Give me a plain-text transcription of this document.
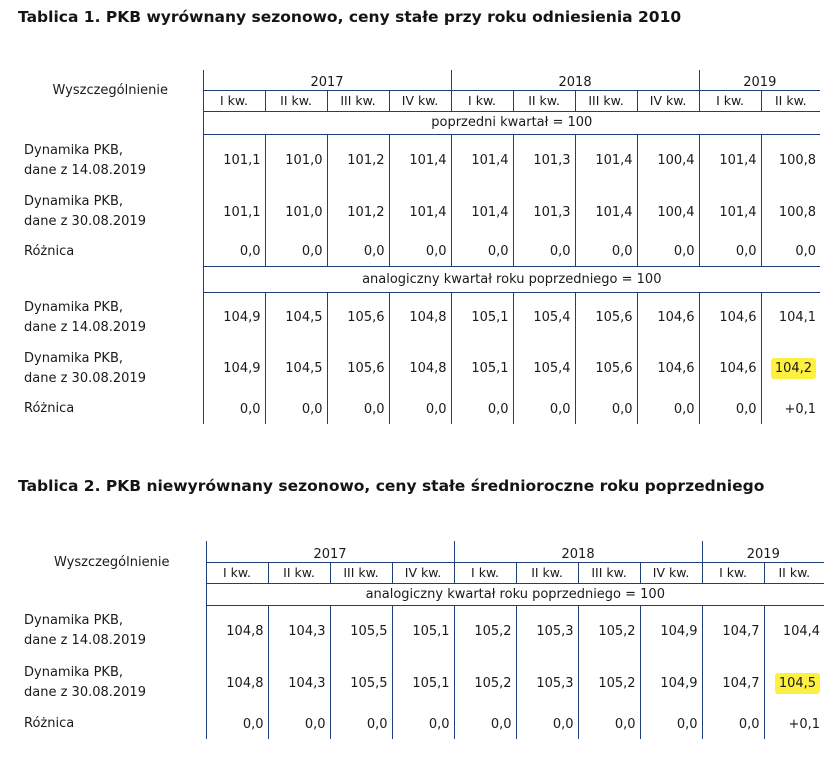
Tablica 1. PKB wyrównany sezonowo, ceny stałe przy roku odniesienia 2010
Wyszczególnienie	2017				2018				2019	
	I kw.	II kw.	III kw.	IV kw.	I kw.	II kw.	III kw.	IV kw.	I kw.	II kw.
	poprzedni kwartał = 100									
Dynamika PKB,
dane z 14.08.2019	101,1	101,0	101,2	101,4	101,4	101,3	101,4	100,4	101,4	100,8
Dynamika PKB,
dane z 30.08.2019	101,1	101,0	101,2	101,4	101,4	101,3	101,4	100,4	101,4	100,8
Różnica	0,0	0,0	0,0	0,0	0,0	0,0	0,0	0,0	0,0	0,0
	analogiczny kwartał roku poprzedniego = 100									
Dynamika PKB,
dane z 14.08.2019	104,9	104,5	105,6	104,8	105,1	105,4	105,6	104,6	104,6	104,1
Dynamika PKB,
dane z 30.08.2019	104,9	104,5	105,6	104,8	105,1	105,4	105,6	104,6	104,6	104,2
Różnica	0,0	0,0	0,0	0,0	0,0	0,0	0,0	0,0	0,0	+0,1
Tablica 2. PKB niewyrównany sezonowo, ceny stałe średnioroczne roku poprzedniego
Wyszczególnienie	2017				2018				2019	
	I kw.	II kw.	III kw.	IV kw.	I kw.	II kw.	III kw.	IV kw.	I kw.	II kw.
	analogiczny kwartał roku poprzedniego = 100									
Dynamika PKB,
dane z 14.08.2019	104,8	104,3	105,5	105,1	105,2	105,3	105,2	104,9	104,7	104,4
Dynamika PKB,
dane z 30.08.2019	104,8	104,3	105,5	105,1	105,2	105,3	105,2	104,9	104,7	104,5
Różnica	0,0	0,0	0,0	0,0	0,0	0,0	0,0	0,0	0,0	+0,1
